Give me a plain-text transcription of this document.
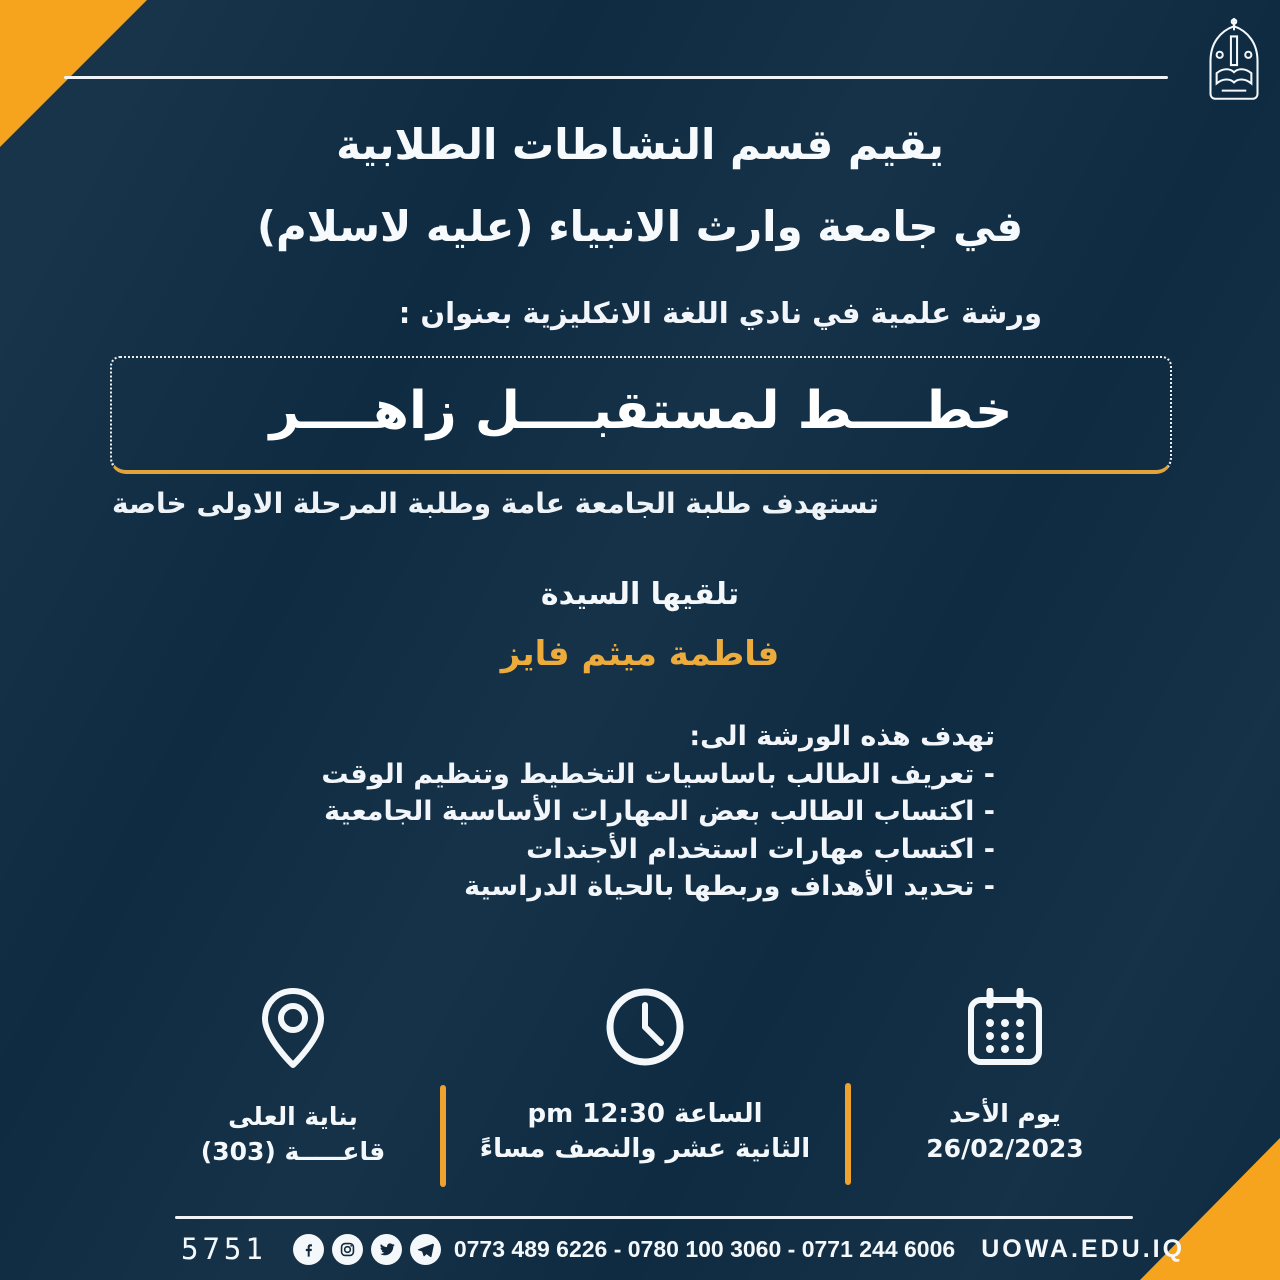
يقيم قسم النشاطات الطلابية
في جامعة وارث الانبياء (عليه لاسلام)
ورشة علمية في نادي اللغة الانكليزية بعنوان :
خطــــط لمستقبــــل زاهــــر
تستهدف طلبة الجامعة عامة وطلبة المرحلة الاولى خاصة
تلقيها السيدة
فاطمة ميثم فايز
تهدف هذه الورشة الى:
- تعريف الطالب باساسيات التخطيط وتنظيم الوقت
- اكتساب الطالب بعض المهارات الأساسية الجامعية
- اكتساب مهارات استخدام الأجندات
- تحديد الأهداف وربطها بالحياة الدراسية
بناية العلى
قاعـــــة (303)
الساعة pm 12:30
الثانية عشر والنصف مساءً
يوم الأحد
26/02/2023
5751	0773 489 6226 - 0780 100 3060 - 0771 244 6006 UOWA.EDU.IQ
